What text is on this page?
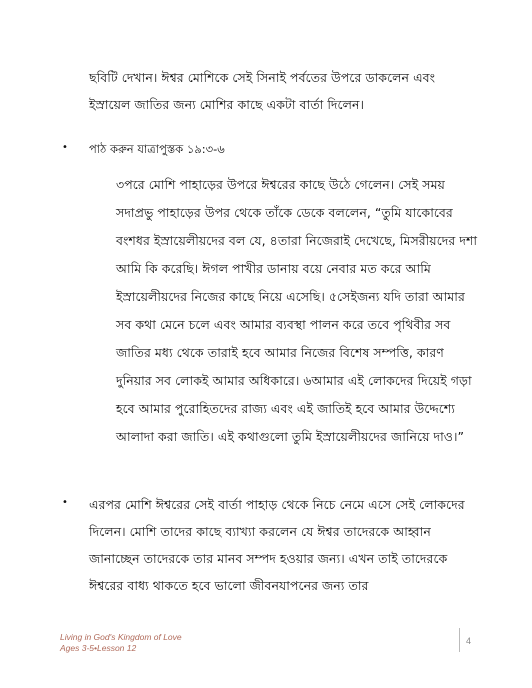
ছবিটি দেখান। ঈশ্বর মোশিকে সেই সিনাই পর্বতের উপরে ডাকলেন এবং ইস্রায়েল জাতির জন্য মোশির কাছে একটা বার্তা দিলেন।

• পাঠ করুন যাত্রাপুস্তক ১৯:৩-৬

৩পরে মোশি পাহাড়ের উপরে ঈশ্বরের কাছে উঠে গেলেন। সেই সময় সদাপ্রভু পাহাড়ের উপর থেকে তাঁকে ডেকে বললেন, “তুমি যাকোবের বংশধর ইস্রায়েলীয়দের বল যে, ৪তারা নিজেরাই দেখেছে, মিসরীয়দের দশা আমি কি করেছি। ঈগল পাখীর ডানায় বয়ে নেবার মত করে আমি ইস্রায়েলীয়দের নিজের কাছে নিয়ে এসেছি। ৫সেইজন্য যদি তারা আমার সব কথা মেনে চলে এবং আমার ব্যবস্থা পালন করে তবে পৃথিবীর সব জাতির মধ্য থেকে তারাই হবে আমার নিজের বিশেষ সম্পত্তি, কারণ দুনিয়ার সব লোকই আমার অধিকারে। ৬আমার এই লোকদের দিয়েই গড়া হবে আমার পুরোহিতদের রাজ্য এবং এই জাতিই হবে আমার উদ্দেশ্যে আলাদা করা জাতি। এই কথাগুলো তুমি ইস্রায়েলীয়দের জানিয়ে দাও।”

• এরপর মোশি ঈশ্বরের সেই বার্তা পাহাড় থেকে নিচে নেমে এসে সেই লোকদের দিলেন। মোশি তাদের কাছে ব্যাখ্যা করলেন যে ঈশ্বর তাদেরকে আহ্বান জানাচ্ছেন তাদেরকে তার মানব সম্পদ হওয়ার জন্য। এখন তাই তাদেরকে ঈশ্বরের বাধ্য থাকতে হবে ভালো জীবনযাপনের জন্য তার

Living in God's Kingdom of Love
Ages 3-5•Lesson 12
4
